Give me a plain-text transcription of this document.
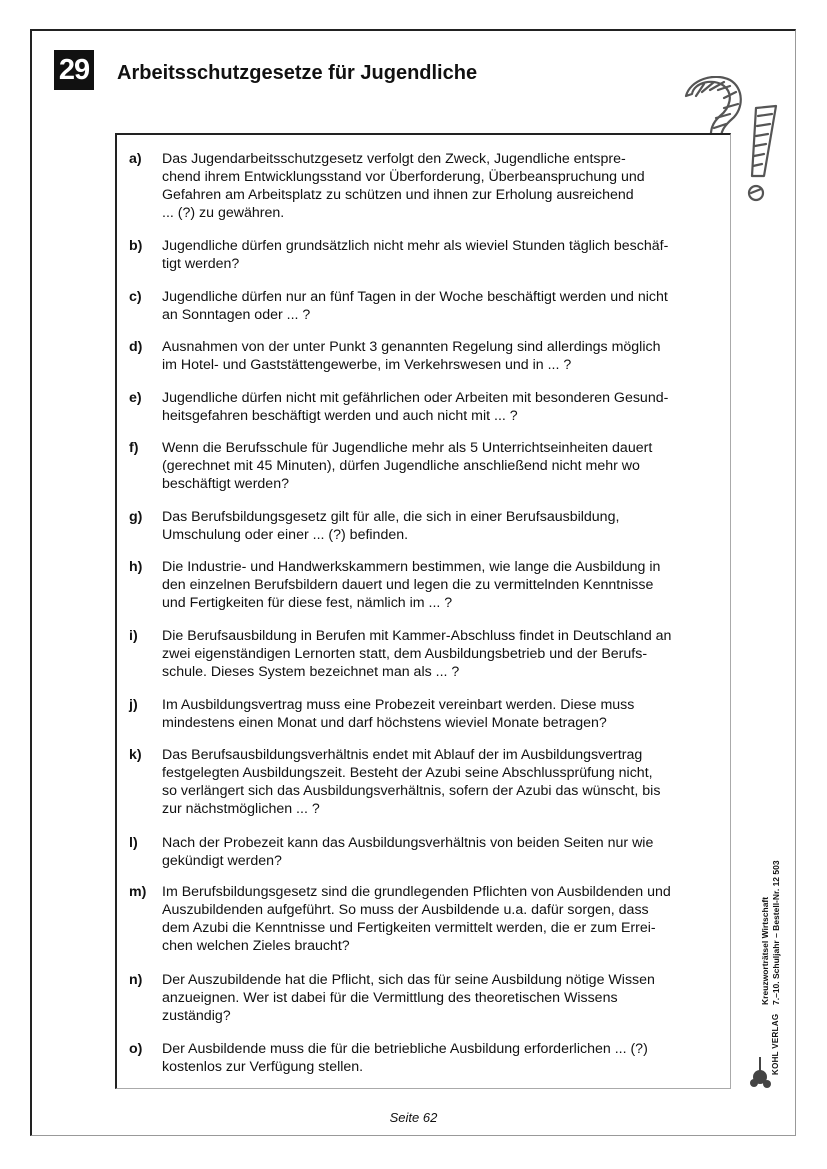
29 Arbeitsschutzgesetze für Jugendliche
a)	Das Jugendarbeitsschutzgesetz verfolgt den Zweck, Jugendliche entspre-
chend ihrem Entwicklungsstand vor Überforderung, Überbeanspruchung und
Gefahren am Arbeitsplatz zu schützen und ihnen zur Erholung ausreichend
... (?) zu gewähren.
b)	Jugendliche dürfen grundsätzlich nicht mehr als wieviel Stunden täglich beschäf-
tigt werden?
c)	Jugendliche dürfen nur an fünf Tagen in der Woche beschäftigt werden und nicht
an Sonntagen oder ... ?
d)	Ausnahmen von der unter Punkt 3 genannten Regelung sind allerdings möglich
im Hotel- und Gaststättengewerbe, im Verkehrswesen und in ... ?
e)	Jugendliche dürfen nicht mit gefährlichen oder Arbeiten mit besonderen Gesund-
heitsgefahren beschäftigt werden und auch nicht mit ... ?
f)	Wenn die Berufsschule für Jugendliche mehr als 5 Unterrichtseinheiten dauert
(gerechnet mit 45 Minuten), dürfen Jugendliche anschließend nicht mehr wo
beschäftigt werden?
g)	Das Berufsbildungsgesetz gilt für alle, die sich in einer Berufsausbildung,
Umschulung oder einer ... (?) befinden.
h)	Die Industrie- und Handwerkskammern bestimmen, wie lange die Ausbildung in
den einzelnen Berufsbildern dauert und legen die zu vermittelnden Kenntnisse
und Fertigkeiten für diese fest, nämlich im ... ?
i)	Die Berufsausbildung in Berufen mit Kammer-Abschluss findet in Deutschland an
zwei eigenständigen Lernorten statt, dem Ausbildungsbetrieb und der Berufs-
schule. Dieses System bezeichnet man als ... ?
j)	Im Ausbildungsvertrag muss eine Probezeit vereinbart werden. Diese muss
mindestens einen Monat und darf höchstens wieviel Monate betragen?
k)	Das Berufsausbildungsverhältnis endet mit Ablauf der im Ausbildungsvertrag
festgelegten Ausbildungszeit. Besteht der Azubi seine Abschlussprüfung nicht,
so verlängert sich das Ausbildungsverhältnis, sofern der Azubi das wünscht, bis
zur nächstmöglichen ... ?
l)	Nach der Probezeit kann das Ausbildungsverhältnis von beiden Seiten nur wie
gekündigt werden?
m)	Im Berufsbildungsgesetz sind die grundlegenden Pflichten von Ausbildenden und
Auszubildenden aufgeführt. So muss der Ausbildende u.a. dafür sorgen, dass
dem Azubi die Kenntnisse und Fertigkeiten vermittelt werden, die er zum Errei-
chen welchen Zieles braucht?
n)	Der Auszubildende hat die Pflicht, sich das für seine Ausbildung nötige Wissen
anzueignen. Wer ist dabei für die Vermittlung des theoretischen Wissens
zuständig?
o)	Der Ausbildende muss die für die betriebliche Ausbildung erforderlichen ... (?)
kostenlos zur Verfügung stellen.
Seite 62
Kreuzworträtsel Wirtschaft 7.–10. Schuljahr – Bestell-Nr. 12 503
KOHL VERLAG
